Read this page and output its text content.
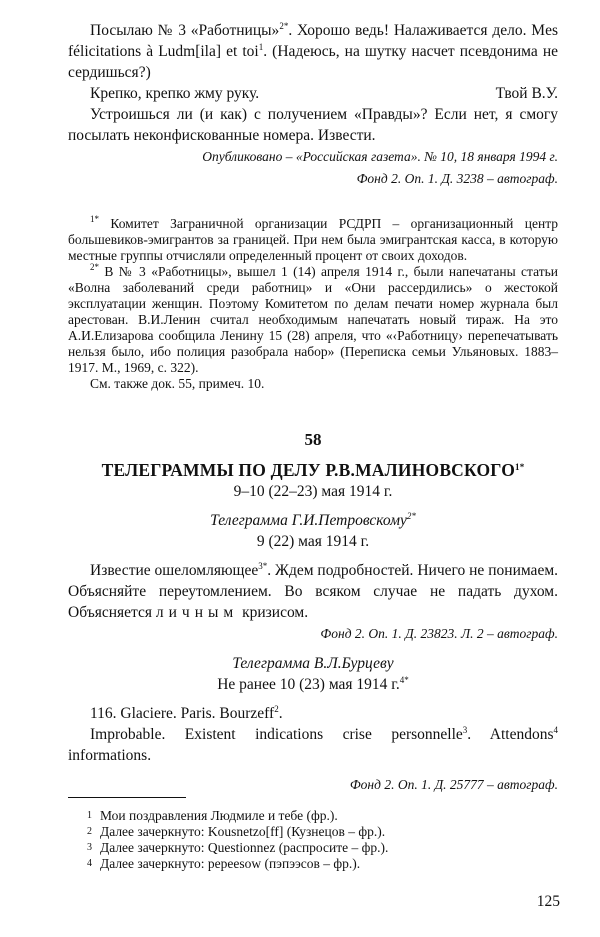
Посылаю № 3 «Работницы»$^{2*}$. Хорошо ведь! Налаживается дело. Mes félicitations à Ludm[ila] et toi$^1$. (Надеюсь, на шутку насчет псевдонима не сердишься?)

Крепко, крепко жму руку.	Твой В.У.

Устроишься ли (и как) с получением «Правды»? Если нет, я смогу посылать неконфискованные номера. Извести.

Опубликовано – «Российская газета». № 10, 18 января 1994 г.

Фонд 2. Оп. 1. Д. 3238 – автограф.

$^{1*}$ Комитет Заграничной организации РСДРП – организационный центр большевиков-эмигрантов за границей. При нем была эмигрантская касса, в которую местные группы отчисляли определенный процент от своих доходов.

$^{2*}$ В № 3 «Работницы», вышел 1 (14) апреля 1914 г., были напечатаны статьи «Волна заболеваний среди работниц» и «Они рассердились» о жестокой эксплуатации женщин. Поэтому Комитетом по делам печати номер журнала был арестован. В.И.Ленин считал необходимым напечатать новый тираж. На это А.И.Елизарова сообщила Ленину 15 (28) апреля, что «‹Работницу› перепечатывать нельзя было, ибо полиция разобрала набор» (Переписка семьи Ульяновых. 1883–1917. М., 1969, с. 322).

См. также док. 55, примеч. 10.

58

ТЕЛЕГРАММЫ ПО ДЕЛУ $Р.В.МАЛИНОВСКОГО^{1*}$

9–10 (22–23) мая 1914 г.

Телеграмма Г.И.Петровскому$^{2*}$

9 (22) мая 1914 г.

Известие ошеломляющее$^{3*}$. Ждем подробностей. Ничего не понимаем. Объясняйте переутомлением. Во всяком случае не падать духом. Объясняется личным кризисом.

Фонд 2. Оп. 1. Д. 23823. Л. 2 – автограф.

Телеграмма В.Л.Бурцеву

Не ранее 10 (23) мая 1914 г.$^{4*}$

116. Glaciere. Paris. Bourzeff$^2$.

Improbable. Existent indications crise personnelle$^3$. Attendons$^4$ informations.

Фонд 2. Оп. 1. Д. 25777 – автограф.

1 Мои поздравления Людмиле и тебе (фр.).

2 Далее зачеркнуто: Kousnetzo[ff] (Кузнецов – фр.).

3 Далее зачеркнуто: Questionnez (распросите – фр.).

4 Далее зачеркнуто: pepeesow (пэпээсов – фр.).

125
